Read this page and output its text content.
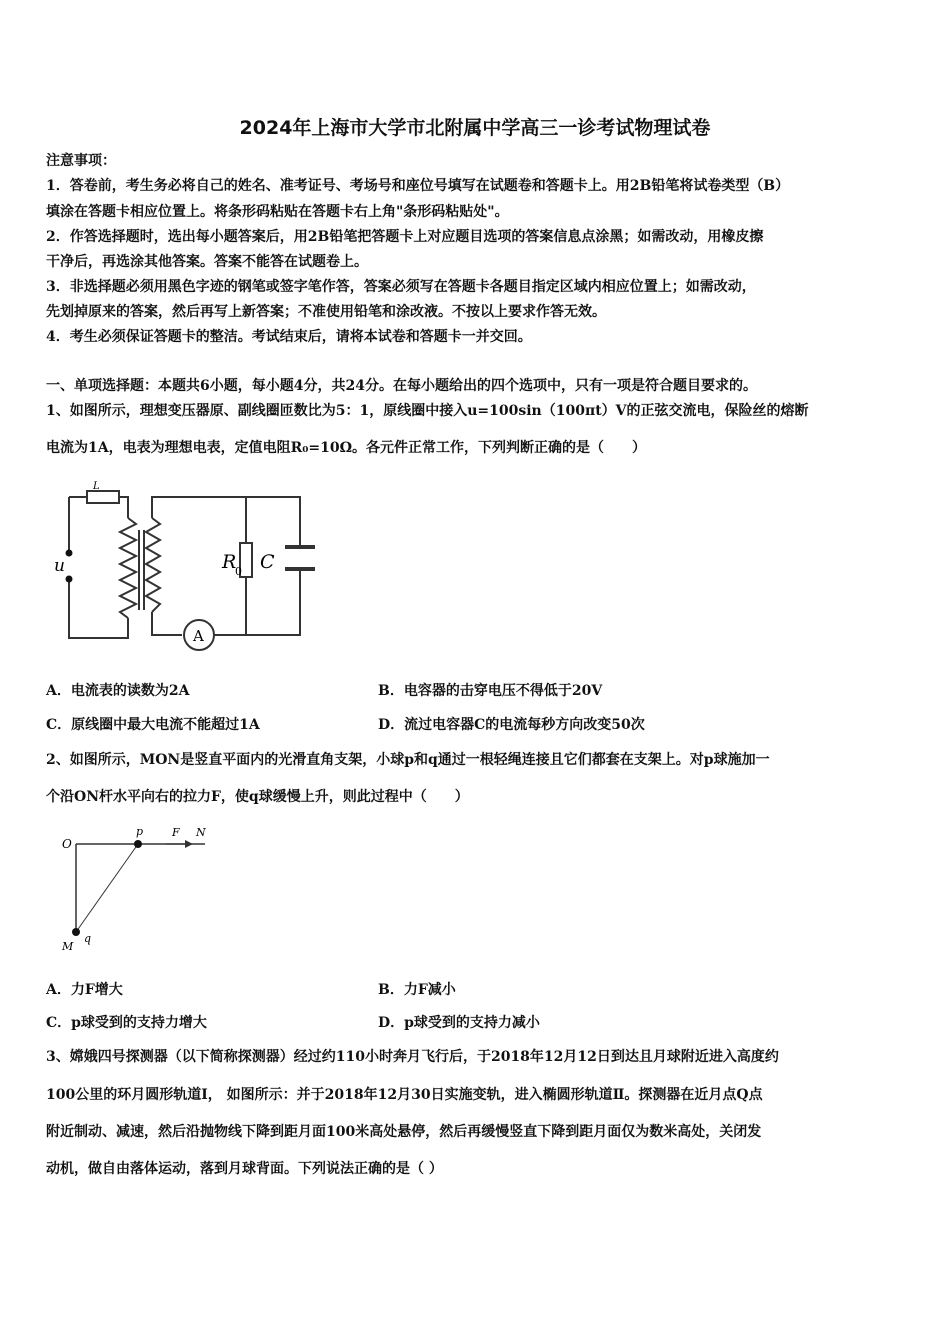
2024年上海市大学市北附属中学高三一诊考试物理试卷
注意事项：
1．答卷前，考生务必将自己的姓名、准考证号、考场号和座位号填写在试题卷和答题卡上。用2B铅笔将试卷类型（B）
填涂在答题卡相应位置上。将条形码粘贴在答题卡右上角"条形码粘贴处"。
2．作答选择题时，选出每小题答案后，用2B铅笔把答题卡上对应题目选项的答案信息点涂黑；如需改动，用橡皮擦
干净后，再选涂其他答案。答案不能答在试题卷上。
3．非选择题必须用黑色字迹的钢笔或签字笔作答，答案必须写在答题卡各题目指定区域内相应位置上；如需改动，
先划掉原来的答案，然后再写上新答案；不准使用铅笔和涂改液。不按以上要求作答无效。
4．考生必须保证答题卡的整洁。考试结束后，请将本试卷和答题卡一并交回。
一、单项选择题：本题共6小题，每小题4分，共24分。在每小题给出的四个选项中，只有一项是符合题目要求的。
1、如图所示，理想变压器原、副线圈匝数比为5：1，原线圈中接入u=100sin（100πt）V的正弦交流电，保险丝的熔断
电流为1A，电表为理想电表，定值电阻R₀=10Ω。各元件正常工作，下列判断正确的是（　　）
L
u	R
0 C
A
A．电流表的读数为2A	B．电容器的击穿电压不得低于20V
C．原线圈中最大电流不能超过1A	D．流过电容器C的电流每秒方向改变50次
2、如图所示，MON是竖直平面内的光滑直角支架，小球p和q通过一根轻绳连接且它们都套在支架上。对p球施加一
个沿ON杆水平向右的拉力F，使q球缓慢上升，则此过程中（　　）
O
p	F N
M
q
A．力F增大	B．力F减小
C．p球受到的支持力增大	D．p球受到的支持力减小
3、嫦娥四号探测器（以下简称探测器）经过约110小时奔月飞行后，于2018年12月12日到达且月球附近进入高度约
100公里的环月圆形轨道Ⅰ， 如图所示：并于2018年12月30日实施变轨，进入椭圆形轨道Ⅱ。探测器在近月点Q点
附近制动、减速，然后沿抛物线下降到距月面100米高处悬停，然后再缓慢竖直下降到距月面仅为数米高处，关闭发
动机，做自由落体运动，落到月球背面。下列说法正确的是（ ）
